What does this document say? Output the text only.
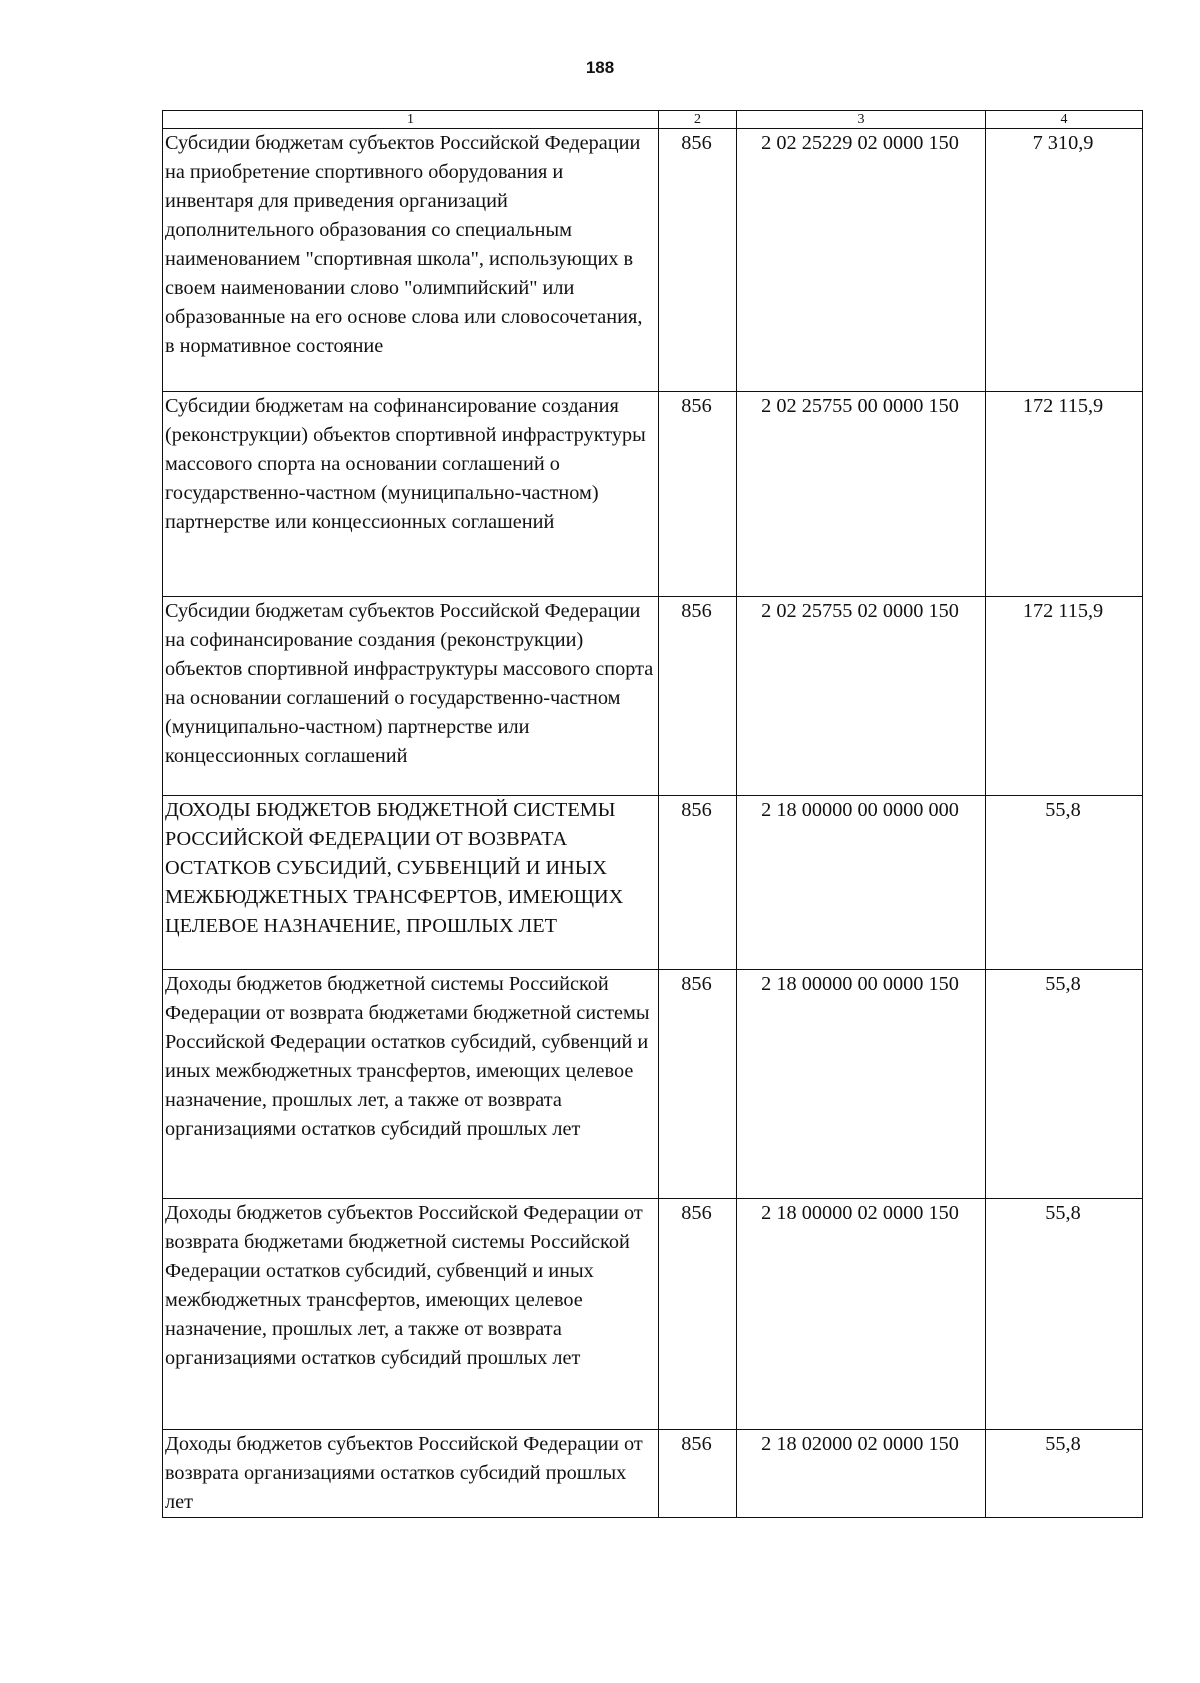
188
1	2	3	4
Субсидии бюджетам субъектов Российской Федерации на приобретение спортивного оборудования и инвентаря для приведения организаций дополнительного образования со специальным наименованием "спортивная школа", использующих в своем наименовании слово "олимпийский" или образованные на его основе слова или словосочетания, в нормативное состояние	856	2 02 25229 02 0000 150	7 310,9
Субсидии бюджетам на софинансирование создания (реконструкции) объектов спортивной инфраструктуры массового спорта на основании соглашений о государственно-частном (муниципально-частном) партнерстве или концессионных соглашений	856	2 02 25755 00 0000 150	172 115,9
Субсидии бюджетам субъектов Российской Федерации на софинансирование создания (реконструкции) объектов спортивной инфраструктуры массового спорта на основании соглашений о государственно-частном (муниципально-частном) партнерстве или концессионных соглашений	856	2 02 25755 02 0000 150	172 115,9
ДОХОДЫ БЮДЖЕТОВ БЮДЖЕТНОЙ СИСТЕМЫ РОССИЙСКОЙ ФЕДЕРАЦИИ ОТ ВОЗВРАТА ОСТАТКОВ СУБСИДИЙ, СУБВЕНЦИЙ И ИНЫХ МЕЖБЮДЖЕТНЫХ ТРАНСФЕРТОВ, ИМЕЮЩИХ ЦЕЛЕВОЕ НАЗНАЧЕНИЕ, ПРОШЛЫХ ЛЕТ	856	2 18 00000 00 0000 000	55,8
Доходы бюджетов бюджетной системы Российской Федерации от возврата бюджетами бюджетной системы Российской Федерации остатков субсидий, субвенций и иных межбюджетных трансфертов, имеющих целевое назначение, прошлых лет, а также от возврата организациями остатков субсидий прошлых лет	856	2 18 00000 00 0000 150	55,8
Доходы бюджетов субъектов Российской Федерации от возврата бюджетами бюджетной системы Российской Федерации остатков субсидий, субвенций и иных межбюджетных трансфертов, имеющих целевое назначение, прошлых лет, а также от возврата организациями остатков субсидий прошлых лет	856	2 18 00000 02 0000 150	55,8
Доходы бюджетов субъектов Российской Федерации от возврата организациями остатков субсидий прошлых лет	856	2 18 02000 02 0000 150	55,8
